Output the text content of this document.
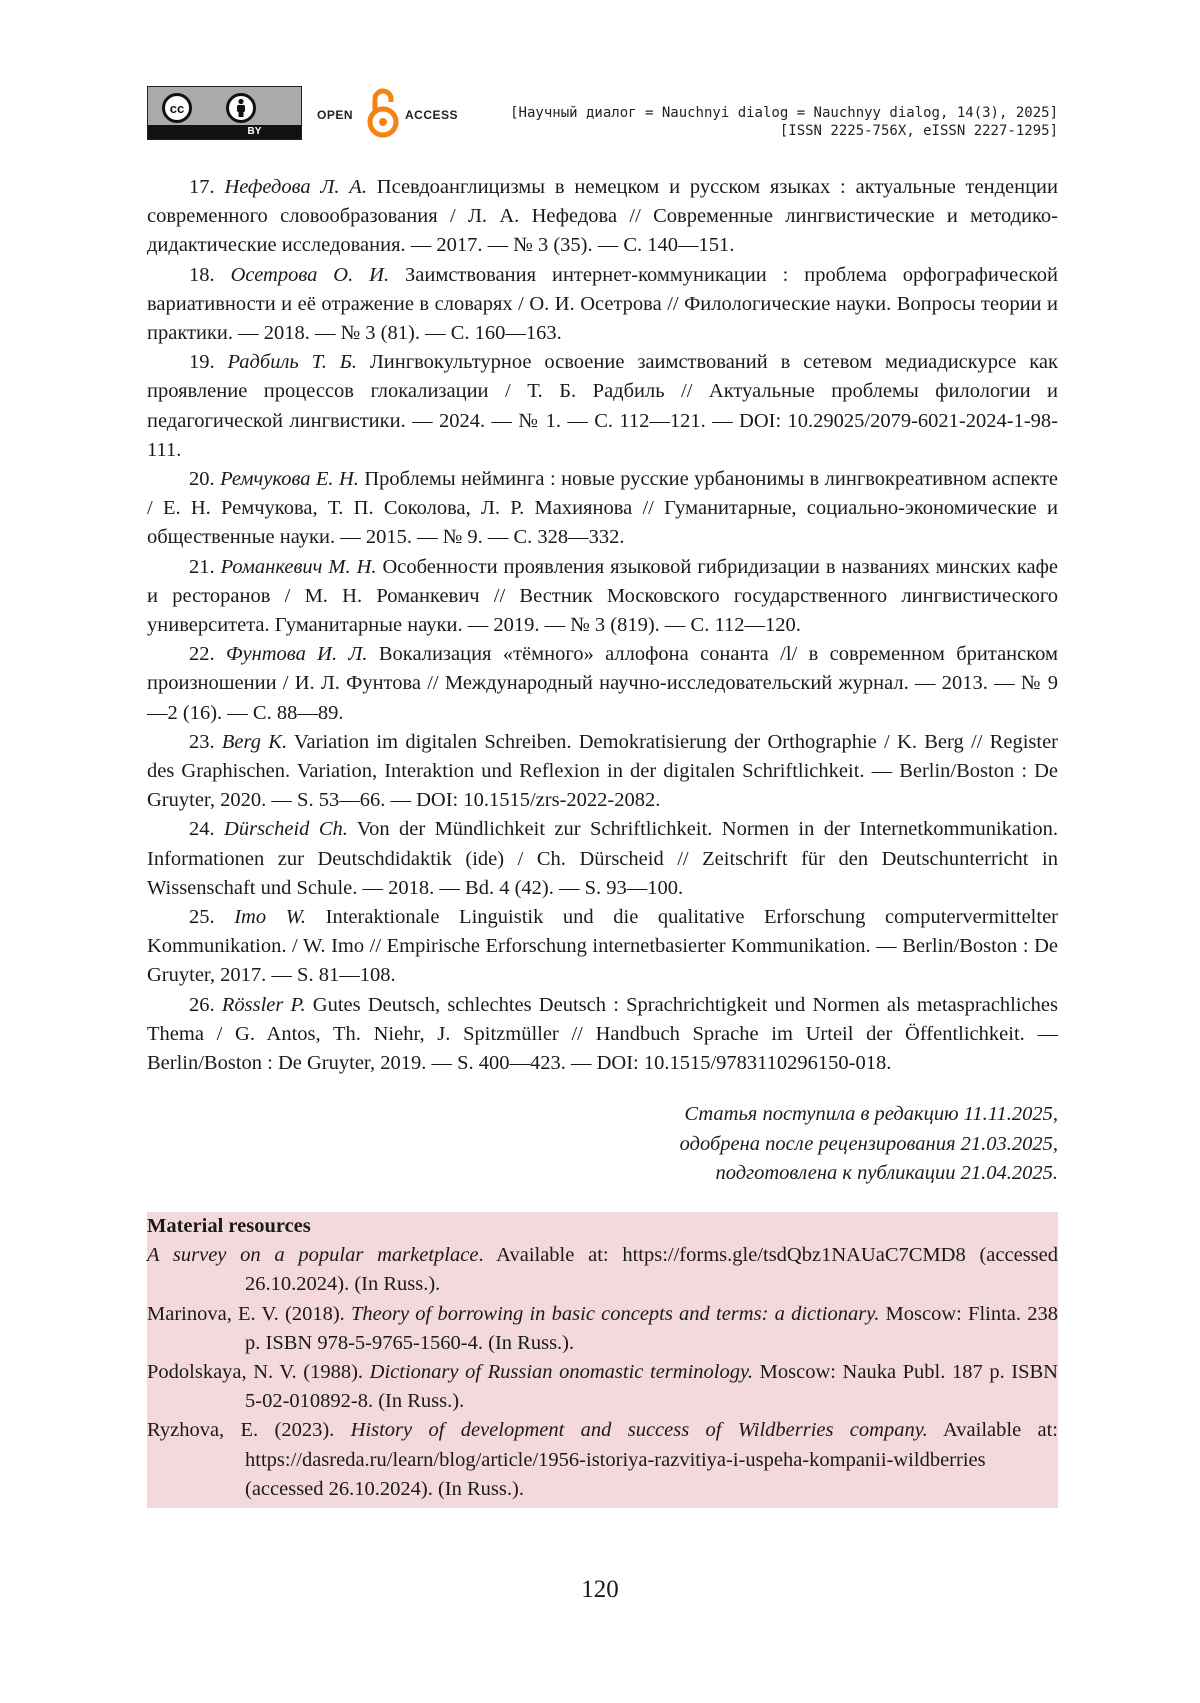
cc
BY
OPEN	ACCESS	[Научный диалог = Nauchnyi dialog = Nauchnyy dialog, 14(3), 2025]
[ISSN 2225-756X, eISSN 2227-1295]

17. Нефедова Л. А. Псевдоанглицизмы в немецком и русском языках : актуальные тенденции современного словообразования / Л. А. Нефедова // Современные лингвистические и методико-дидактические исследования. — 2017. — № 3 (35). — С. 140—151.

18. Осетрова О. И. Заимствования интернет-коммуникации : проблема орфографической вариативности и её отражение в словарях / О. И. Осетрова // Филологические науки. Вопросы теории и практики. — 2018. — № 3 (81). — С. 160—163.

19. Радбиль Т. Б. Лингвокультурное освоение заимствований в сетевом медиадискурсе как проявление процессов глокализации / Т. Б. Радбиль // Актуальные проблемы филологии и педагогической лингвистики. — 2024. — № 1. — С. 112—121. — DOI: 10.29025/2079-6021-2024-1-98-111.

20. Ремчукова Е. Н. Проблемы нейминга : новые русские урбанонимы в лингвокреативном аспекте / Е. Н. Ремчукова, Т. П. Соколова, Л. Р. Махиянова // Гуманитарные, социально-экономические и общественные науки. — 2015. — № 9. — С. 328—332.

21. Романкевич М. Н. Особенности проявления языковой гибридизации в названиях минских кафе и ресторанов / М. Н. Романкевич // Вестник Московского государственного лингвистического университета. Гуманитарные науки. — 2019. — № 3 (819). — С. 112—120.

22. Фунтова И. Л. Вокализация «тёмного» аллофона сонанта /l/ в современном британском произношении / И. Л. Фунтова // Международный научно-исследовательский журнал. — 2013. — № 9—2 (16). — С. 88—89.

23. Berg K. Variation im digitalen Schreiben. Demokratisierung der Orthographie / K. Berg // Register des Graphischen. Variation, Interaktion und Reflexion in der digitalen Schriftlichkeit. — Berlin/Boston : De Gruyter, 2020. — S. 53—66. — DOI: 10.1515/zrs-2022-2082.

24. Dürscheid Ch. Von der Mündlichkeit zur Schriftlichkeit. Normen in der Internetkommunikation. Informationen zur Deutschdidaktik (ide) / Ch. Dürscheid // Zeitschrift für den Deutschunterricht in Wissenschaft und Schule. — 2018. — Bd. 4 (42). — S. 93—100.

25. Imo W. Interaktionale Linguistik und die qualitative Erforschung computervermittelter Kommunikation. / W. Imo // Empirische Erforschung internetbasierter Kommunikation. — Berlin/Boston : De Gruyter, 2017. — S. 81—108.

26. Rössler P. Gutes Deutsch, schlechtes Deutsch : Sprachrichtigkeit und Normen als metasprachliches Thema / G. Antos, Th. Niehr, J. Spitzmüller // Handbuch Sprache im Urteil der Öffentlichkeit. — Berlin/Boston : De Gruyter, 2019. — S. 400—423. — DOI: 10.1515/9783110296150-018.

Статья поступила в редакцию 11.11.2025,
одобрена после рецензирования 21.03.2025,
подготовлена к публикации 21.04.2025.
Material resources
A survey on a popular marketplace. Available at: https://forms.gle/tsdQbz1NAUaC7CMD8 (accessed 26.10.2024). (In Russ.).
Marinova, E. V. (2018). Theory of borrowing in basic concepts and terms: a dictionary. Moscow: Flinta. 238 p. ISBN 978-5-9765-1560-4. (In Russ.).
Podolskaya, N. V. (1988). Dictionary of Russian onomastic terminology. Moscow: Nauka Publ. 187 p. ISBN 5-02-010892-8. (In Russ.).
Ryzhova, E. (2023). History of development and success of Wildberries company. Available at: https://dasreda.ru/learn/blog/article/1956-istoriya-razvitiya-i-uspeha-kompanii-wildberries (accessed 26.10.2024). (In Russ.).
120
